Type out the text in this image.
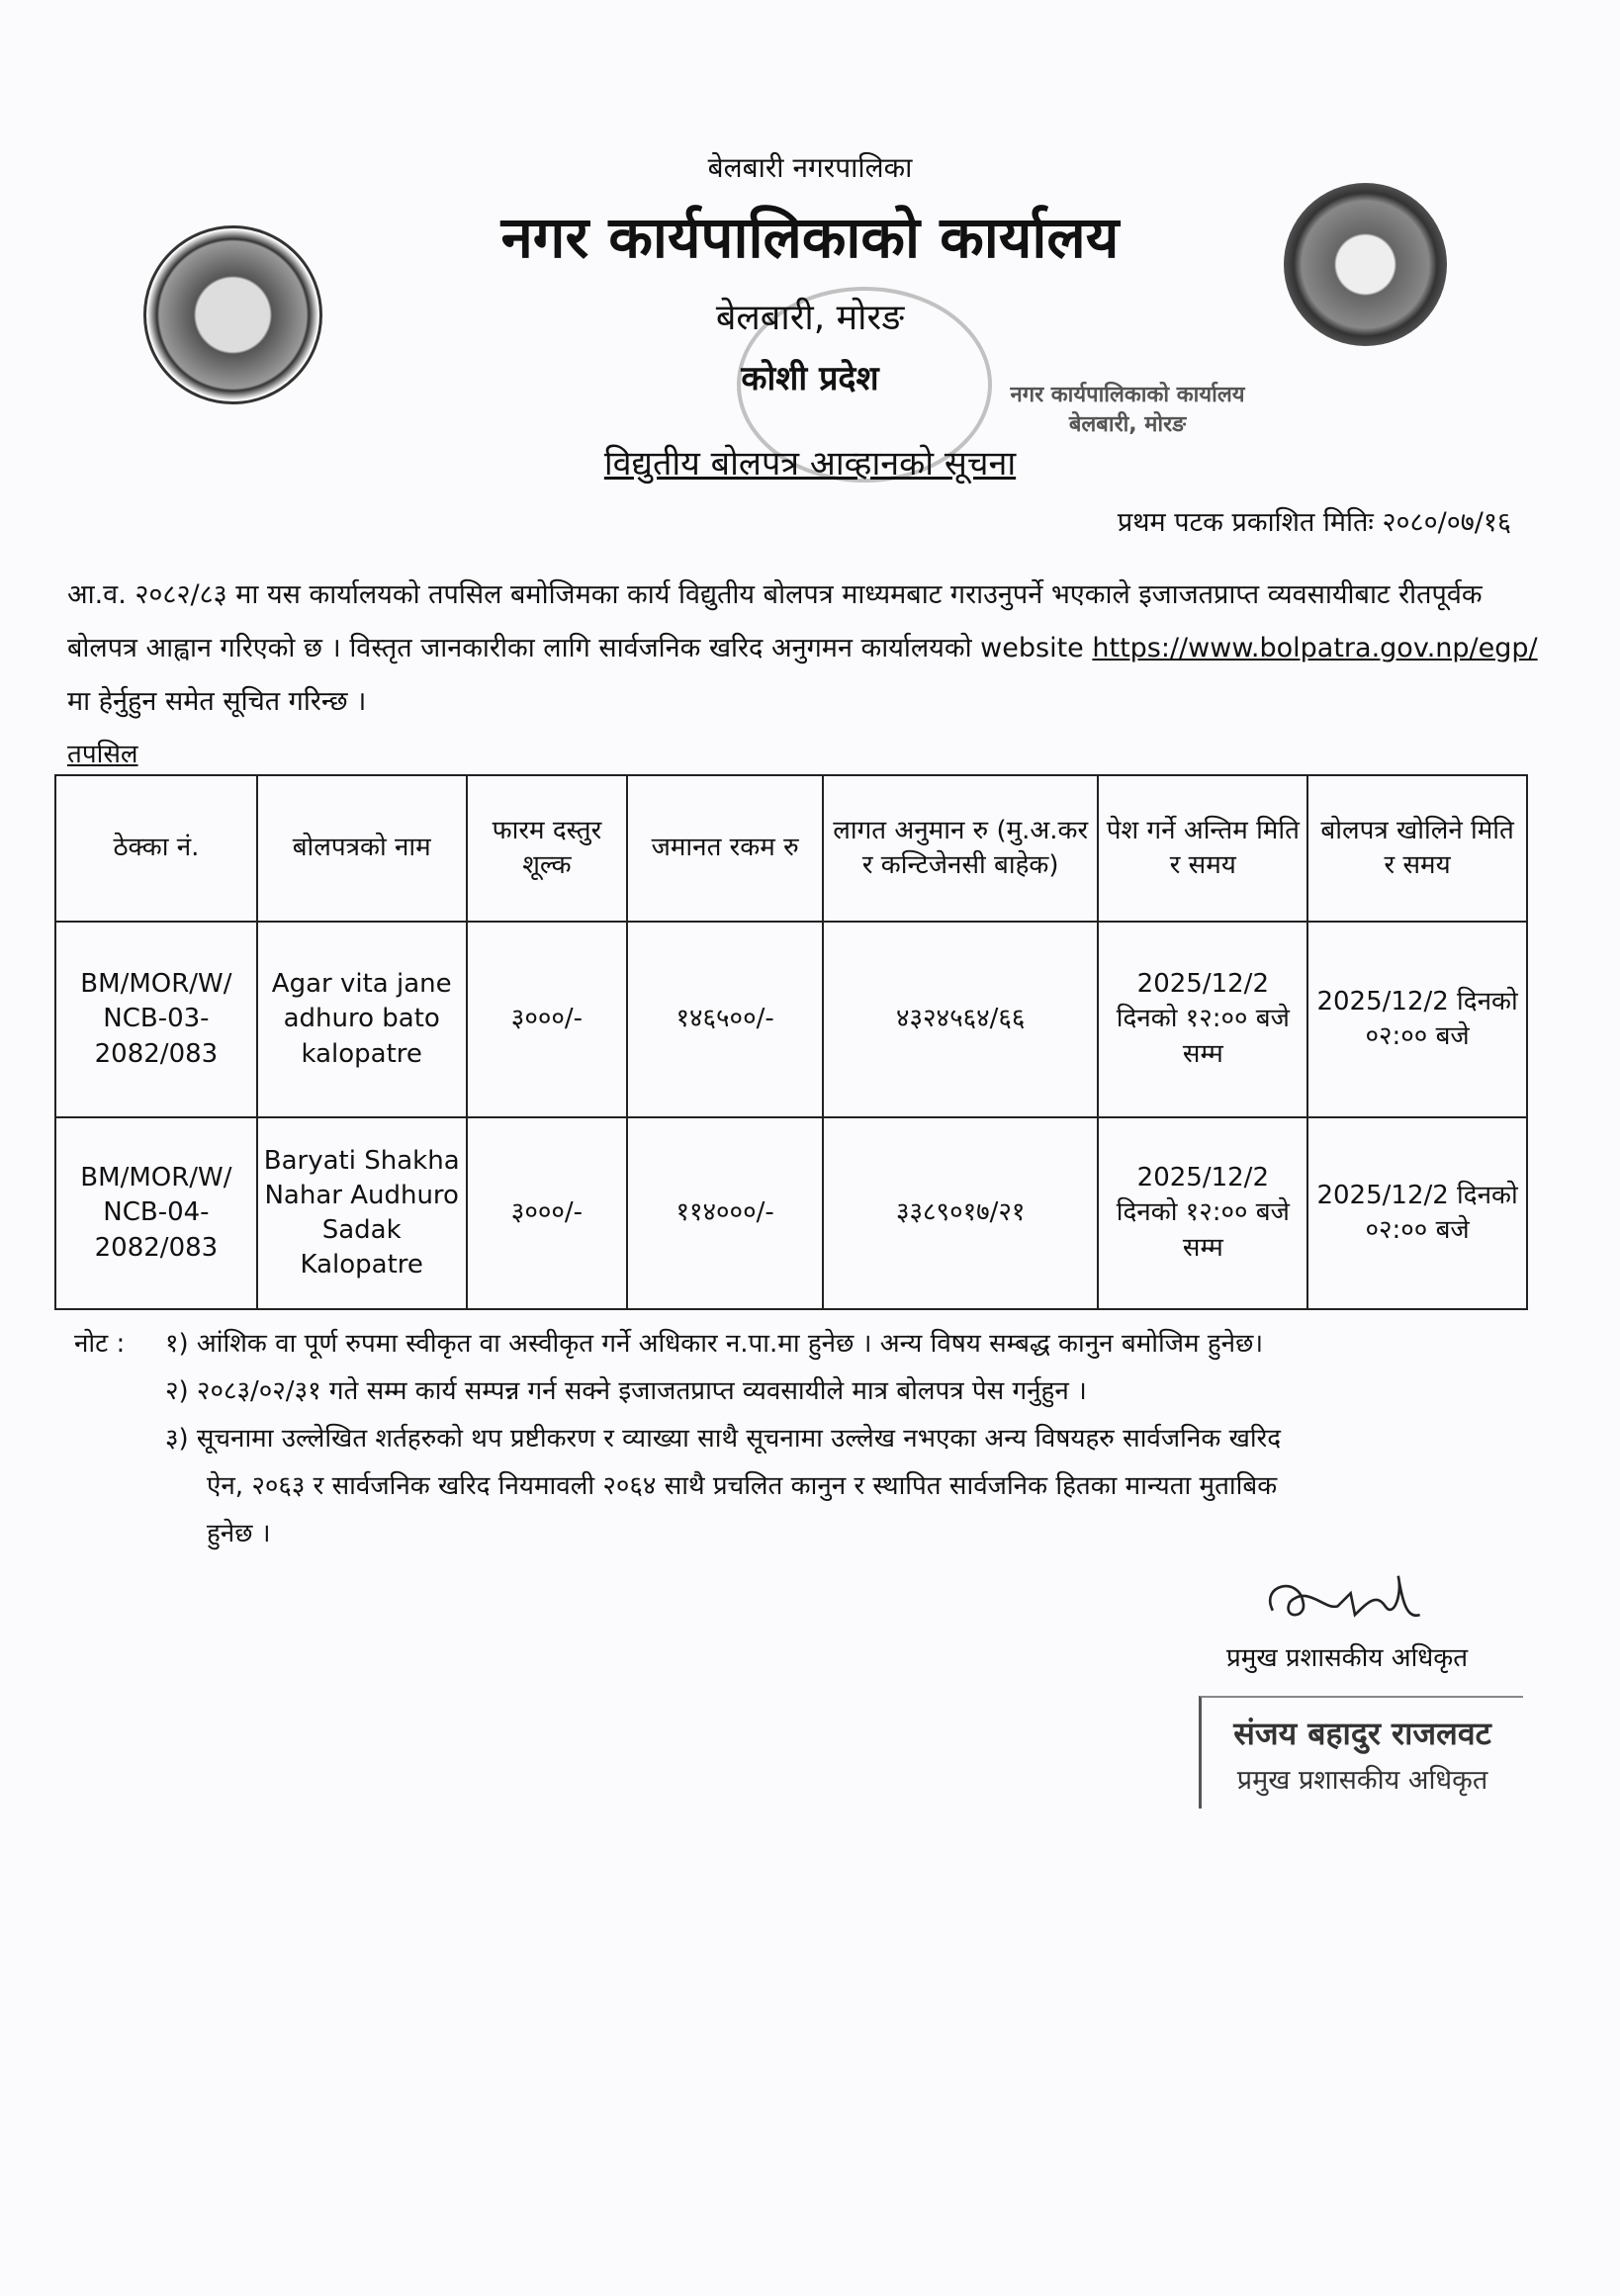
नगर कार्यपालिकाको कार्यालय बेलबारी, मोरङ
बेलबारी नगरपालिका
नगर कार्यपालिकाको कार्यालय
बेलबारी, मोरङ
कोशी प्रदेश
विद्युतीय बोलपत्र आव्हानको सूचना
प्रथम पटक प्रकाशित मितिः २०८०/०७/१६
आ.व. २०८२/८३ मा यस कार्यालयको तपसिल बमोजिमका कार्य विद्युतीय बोलपत्र माध्यमबाट गराउनुपर्ने भएकाले इजाजतप्राप्त व्यवसायीबाट रीतपूर्वक बोलपत्र आह्वान गरिएको छ । विस्तृत जानकारीका लागि सार्वजनिक खरिद अनुगमन कार्यालयको website https://www.bolpatra.gov.np/egp/ मा हेर्नुहुन समेत सूचित गरिन्छ ।
तपसिल
ठेक्का नं.	बोलपत्रको नाम	फारम दस्तुर शूल्क	जमानत रकम रु	लागत अनुमान रु (मु.अ.कर र कन्टिजेनसी बाहेक)	पेश गर्ने अन्तिम मिति र समय	बोलपत्र खोलिने मिति र समय
BM/MOR/W/ NCB-03- 2082/083	Agar vita jane adhuro bato kalopatre	३०००/-	१४६५००/-	४३२४५६४/६६	2025/12/2 दिनको १२:०० बजे सम्म	2025/12/2 दिनको ०२:०० बजे
BM/MOR/W/ NCB-04- 2082/083	Baryati Shakha Nahar Audhuro Sadak Kalopatre	३०००/-	११४०००/-	३३८९०१७/२१	2025/12/2 दिनको १२:०० बजे सम्म	2025/12/2 दिनको ०२:०० बजे
नोट :	१) आंशिक वा पूर्ण रुपमा स्वीकृत वा अस्वीकृत गर्ने अधिकार न.पा.मा हुनेछ । अन्य विषय सम्बद्ध कानुन बमोजिम हुनेछ।
२) २०८३/०२/३१ गते सम्म कार्य सम्पन्न गर्न सक्ने इजाजतप्राप्त व्यवसायीले मात्र बोलपत्र पेस गर्नुहुन ।
३) सूचनामा उल्लेखित शर्तहरुको थप प्रष्टीकरण र व्याख्या साथै सूचनामा उल्लेख नभएका अन्य विषयहरु सार्वजनिक खरिद
ऐन, २०६३ र सार्वजनिक खरिद नियमावली २०६४ साथै प्रचलित कानुन र स्थापित सार्वजनिक हितका मान्यता मुताबिक
हुनेछ ।
प्रमुख प्रशासकीय अधिकृत
संजय बहादुर राजलवट
प्रमुख प्रशासकीय अधिकृत
